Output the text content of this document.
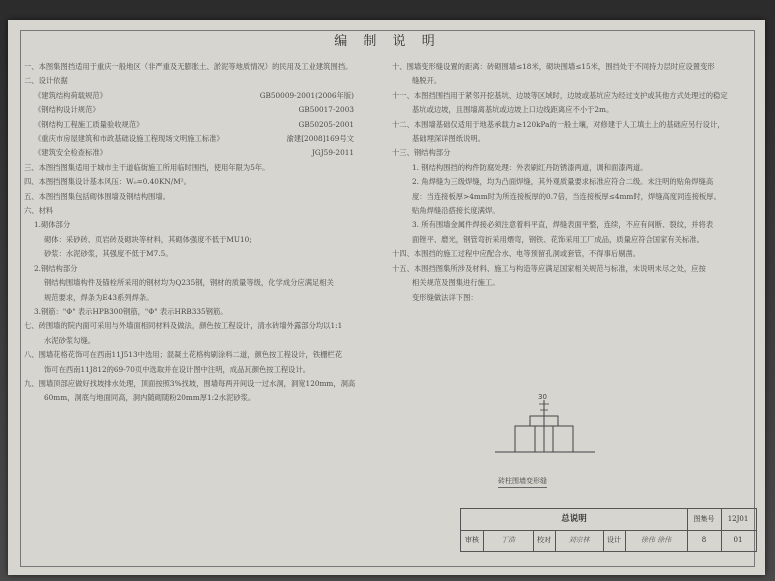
编 制 说 明
一、本图集图挡适用于重庆一般地区（非严重及无膨胀土、淤泥等地质情况）的民用及工业建筑围挡。
二、设计依据
《建筑结构荷载规范》	GB50009-2001(2006年版)
《钢结构设计规范》	GB50017-2003
《钢结构工程施工质量验收规范》	GB50205-2001
《重庆市房屋建筑和市政基础设施工程现场文明施工标准》	渝建[2008]169号文
《建筑安全检查标准》	JGJ59-2011
三、本图挡图集适用于城市主干道临街施工所用临时围挡，使用年限为5年。
四、本图挡图集设计基本风压：W₀=0.40KN/M²。
五、本图挡图集包括砌体围墙及钢结构围墙。
六、材料
1.砌体部分
砌体：采砂砖、页岩砖及砌块等材料，其砌体强度不低于MU10;
砂浆：水泥砂浆，其强度不低于M7.5。
2.钢结构部分
钢结构围墙构件及锚栓所采用的钢材均为Q235钢，钢材的质量等级，化学成分应满足相关
规范要求，焊条为E43系列焊条。
3.钢筋："Φ" 表示HPB300钢筋，"Φ" 表示HRB335钢筋。
七、砖围墙的院内面可采用与外墙面相同材料及做法，颜色按工程设计，清水砖墙外露部分均以1:1
水泥砂浆勾缝。
八、围墙花格花饰可在西南11J513中选用；混凝土花格构刷涂料二道，颜色按工程设计，铁栅栏花
饰可在西南11J812的69-70页中选取并在设计图中注明，成品瓦颜色按工程设计。
九、围墙顶部应做好找坡排水处理，顶面按照3%找坡，围墙每两开间设一过水洞，洞宽120mm，洞高
60mm，洞底与地面同高，洞内随砌随粉20mm厚1:2水泥砂浆。
十、围墙变形缝设置的距离：砖砌围墙≤18米，砌块围墙≤15米，围挡处于不同持力层时应设置变形
缝脱开。
十一、本图挡围挡用于紧邻开挖基坑、边坡等区域时，边坡或基坑应为经过支护或其他方式处理过的稳定
基坑或边坡，且围墙离基坑或边坡上口边线距离应不小于2m。
十二、本围墙基础仅适用于地基承载力≥120kPa的一般土壤，对修建于人工填土上的基础应另行设计，
基础埋深详图纸说明。
十三、钢结构部分
1. 钢结构围挡的构件防腐处理：外表刷红丹防锈漆两道，调和面漆两道。
2. 角焊缝为三级焊缝，均为凸面焊缝，其外观质量要求标准应符合二级。未注明的贴角焊缝高
度：当连接板厚>4mm时为所连接板厚的0.7倍，当连接板厚≤4mm时，焊缝高度同连接板厚。
贴角焊缝沿搭接长度满焊。
3. 所有围墙金属件焊接必须注意着料平直，焊缝表面平整，连续，不应有间断、裂纹，并将表
面锉平、磨光，钢管弯折采用煨弯，钢铁、花饰采用工厂成品，质量应符合国家有关标准。
十四、本围挡的施工过程中应配合水、电等预留孔洞或套管，不得事后剔凿。
十五、本围挡图集所涉及材料、施工与构造等应满足国家相关规范与标准，未说明未尽之处，应按
相关规范及图集进行施工。
变形缝做法详下图：
30
砖柱围墙变形缝
总说明	图集号	12J01
审核	丁浩	校对	刘宗林	设计	徐伟 徐伟	8	01
